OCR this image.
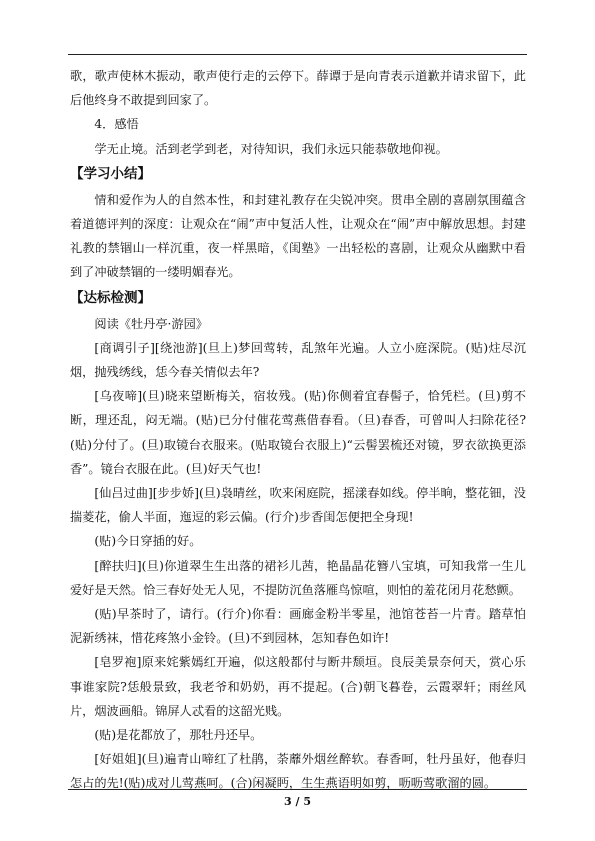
歌，歌声使林木振动，歌声使行走的云停下。薛谭于是向青表示道歉并请求留下，此后他终身不敢提到回家了。

4．感悟

学无止境。活到老学到老，对待知识，我们永远只能恭敬地仰视。

【学习小结】

情和爱作为人的自然本性，和封建礼教存在尖锐冲突。贯串全剧的喜剧氛围蕴含着道德评判的深度：让观众在“闹”声中复活人性，让观众在“闹”声中解放思想。封建礼教的禁锢山一样沉重，夜一样黑暗，《闺塾》一出轻松的喜剧，让观众从幽默中看到了冲破禁锢的一缕明媚春光。

【达标检测】

阅读《牡丹亭·游园》

[商调引子][绕池游](旦上)梦回莺转，乱煞年光遍。人立小庭深院。(贴)炷尽沉烟，抛残绣线，恁今春关情似去年?

[乌夜啼](旦)晓来望断梅关，宿妆残。(贴)你侧着宜春髻子，恰凭栏。(旦)剪不断，理还乱，闷无端。(贴)已分付催花莺燕借春看。（旦)春香，可曾叫人扫除花径?(贴)分付了。(旦)取镜台衣服来。(贴取镜台衣服上)“云髻罢梳还对镜，罗衣欲换更添香”。镜台衣服在此。(旦)好天气也!

[仙吕过曲][步步娇](旦)袅晴丝，吹来闲庭院，摇漾春如线。停半晌，整花钿，没揣菱花，偷人半面，迤逗的彩云偏。(行介)步香闺怎便把全身现!

(贴)今日穿插的好。

[醉扶归](旦)你道翠生生出落的裙衫儿茜，艳晶晶花簪八宝填，可知我常一生儿爱好是天然。恰三春好处无人见，不提防沉鱼落雁鸟惊喧，则怕的羞花闭月花愁颤。

(贴)早茶时了，请行。(行介)你看：画廊金粉半零星，池馆苍苔一片青。踏草怕泥新绣袜，惜花疼煞小金铃。(旦)不到园林，怎知春色如许!

[皂罗袍]原来姹紫嫣红开遍，似这般都付与断井颓垣。良辰美景奈何天，赏心乐事谁家院?恁般景致，我老爷和奶奶，再不提起。(合)朝飞暮卷，云霞翠轩；雨丝风片，烟波画船。锦屏人忒看的这韶光贱。

(贴)是花都放了，那牡丹还早。

[好姐姐](旦)遍青山啼红了杜鹃，荼蘼外烟丝醉软。春香呵，牡丹虽好，他春归怎占的先!(贴)成对儿莺燕呵。(合)闲凝眄，生生燕语明如剪，呖呖莺歌溜的圆。

3 / 5
